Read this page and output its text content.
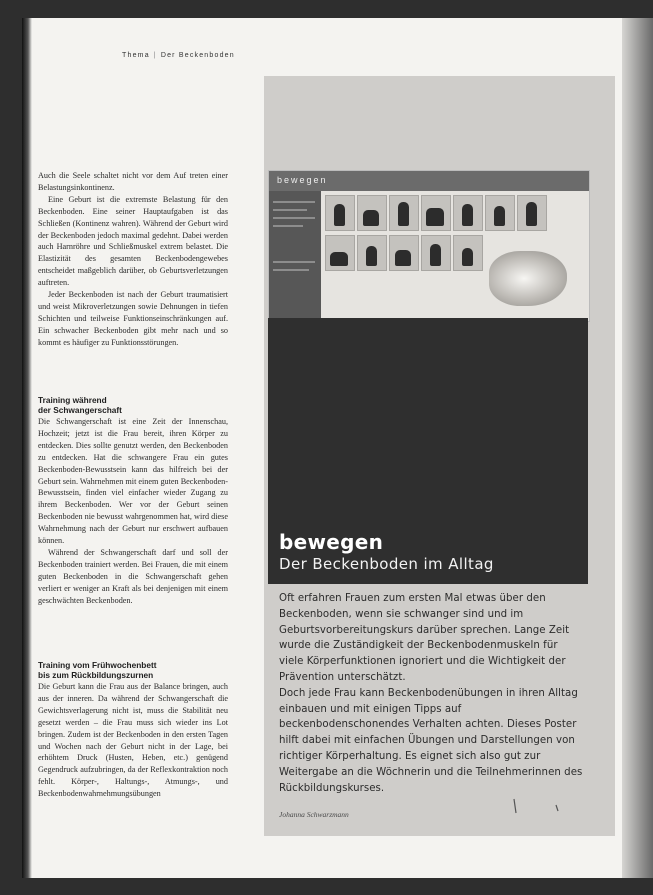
Thema | Der Beckenboden

Auch die Seele schaltet nicht vor dem Auf treten einer Belastungsinkontinenz.

Eine Geburt ist die extremste Belastung für den Beckenboden. Eine seiner Hauptaufgaben ist das Schließen (Kontinenz wahren). Während der Geburt wird der Beckenboden jedoch maximal gedehnt. Dabei werden auch Harnröhre und Schließmuskel extrem belastet. Die Elastizität des gesamten Beckenbodengewebes entscheidet maßgeblich darüber, ob Geburtsverletzungen auftreten.

Jeder Beckenboden ist nach der Geburt traumatisiert und weist Mikroverletzungen sowie Dehnungen in tiefen Schichten und teilweise Funktionseinschränkungen auf. Ein schwacher Beckenboden gibt mehr nach und so kommt es häufiger zu Funktionsstörungen.

Training während
der Schwangerschaft

Die Schwangerschaft ist eine Zeit der Innenschau, Hochzeit; jetzt ist die Frau bereit, ihren Körper zu entdecken. Dies sollte genutzt werden, den Beckenboden zu entdecken. Hat die schwangere Frau ein gutes Beckenboden-Bewusstsein kann das hilfreich bei der Geburt sein. Wahrnehmen mit einem guten Beckenboden-Bewusstsein, finden viel einfacher wieder Zugang zu ihrem Beckenboden. Wer vor der Geburt seinen Beckenboden nie bewusst wahrgenommen hat, wird diese Wahrnehmung nach der Geburt nur erschwert aufbauen können.

Während der Schwangerschaft darf und soll der Beckenboden trainiert werden. Bei Frauen, die mit einem guten Beckenboden in die Schwangerschaft gehen verliert er weniger an Kraft als bei denjenigen mit einem geschwächten Beckenboden.

Training vom Frühwochenbett
bis zum Rückbildungszurnen

Die Geburt kann die Frau aus der Balance bringen, auch aus der inneren. Da während der Schwangerschaft die Gewichtsverlagerung nicht ist, muss die Stabilität neu gesetzt werden – die Frau muss sich wieder ins Lot bringen. Zudem ist der Beckenboden in den ersten Tagen und Wochen nach der Geburt nicht in der Lage, bei erhöhtem Druck (Husten, Heben, etc.) genügend Gegendruck aufzubringen, da der Reflexkontraktion noch fehlt. Körper-, Haltungs-, Atmungs-, und Beckenbodenwahrnehmungsübungen

bewegen
bewegen
Der Beckenboden im Alltag

Oft erfahren Frauen zum ersten Mal etwas über den Beckenboden, wenn sie schwanger sind und im Geburtsvorbereitungskurs darüber sprechen. Lange Zeit wurde die Zuständigkeit der Beckenbodenmuskeln für viele Körperfunktionen ignoriert und die Wichtigkeit der Prävention unterschätzt.

Doch jede Frau kann Beckenbodenübungen in ihren Alltag einbauen und mit einigen Tipps auf beckenbodenschonendes Verhalten achten. Dieses Poster hilft dabei mit einfachen Übungen und Darstellungen von richtiger Körperhaltung. Es eignet sich also gut zur Weitergabe an die Wöchnerin und die Teilnehmerinnen des Rückbildungskurses.

Johanna Schwarzmann
